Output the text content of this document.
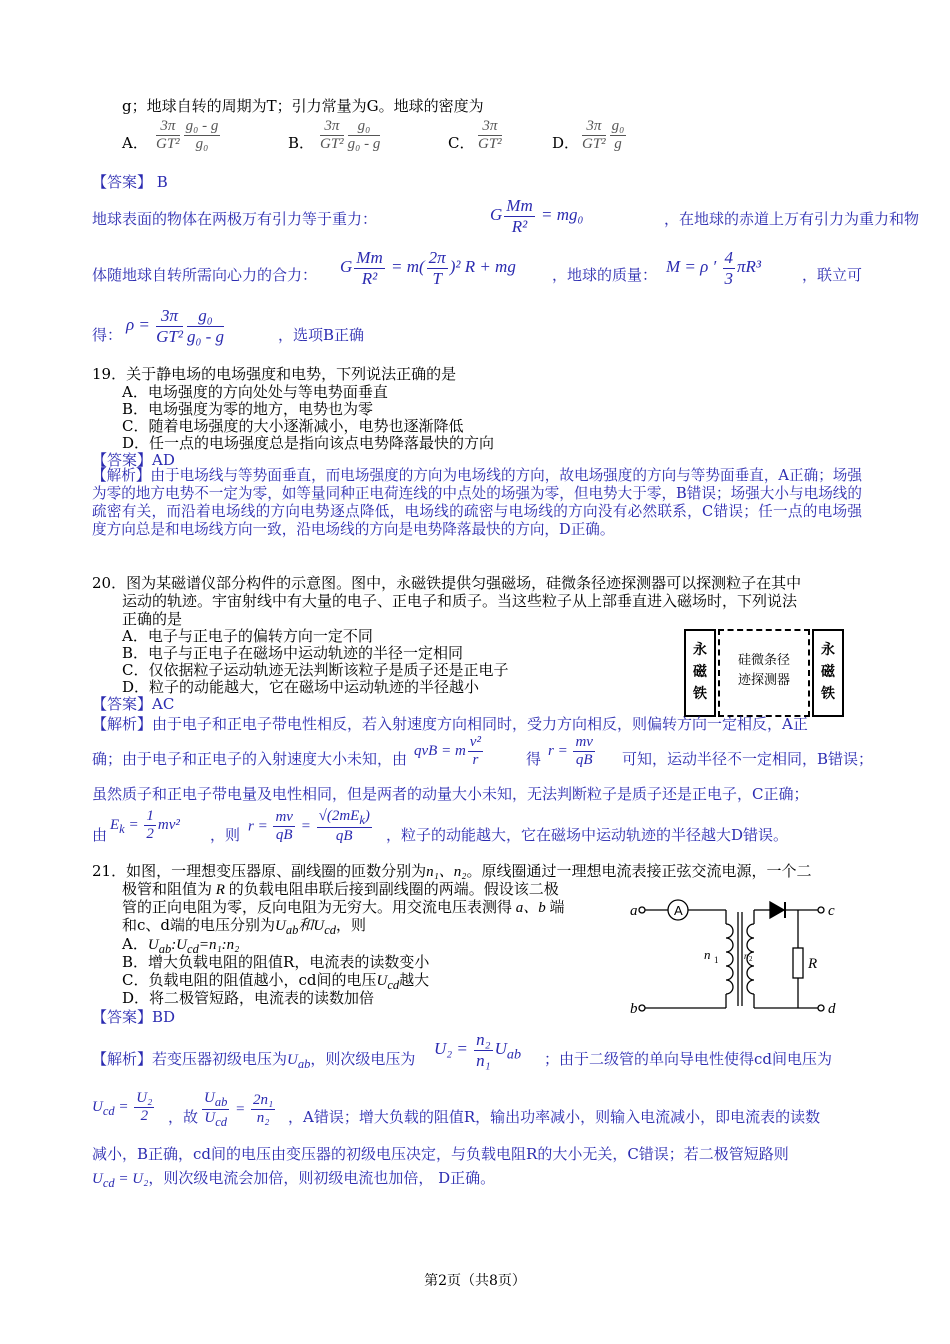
g；地球自转的周期为T；引力常量为G。地球的密度为
A． $\frac{3\pi}{\text{GT²}} \frac{\text{g₀ - g}}{\text{g₀}}$	B． $\frac{3\pi}{\text{GT²}} \frac{\text{g₀}}{\text{g₀ - g}}$	C． $\frac{3\pi}{\text{GT²}}$	D． $\frac{3\pi}{\text{GT²}} \frac{\text{g₀}}{g}$
【答案】 B
地球表面的物体在两极万有引力等于重力：	G $\frac{Mm}{\text{R²}} = mg_0$	，在地球的赤道上万有引力为重力和物
体随地球自转所需向心力的合力： G $\frac{Mm}{\text{R²}} = m( \frac{2\pi}{T} )^2$ R + mg ，地球的质量： M = ρ ′ $\frac{4}{3} \pi R^3$	，联立可
得：
$\rho = \frac{3\pi}{\text{GT²}} \frac{\text{g₀}}{\text{g₀ - g}}$	，选项B正确
19．关于静电场的电场强度和电势，下列说法正确的是
A．电场强度的方向处处与等电势面垂直
B．电场强度为零的地方，电势也为零
C．随着电场强度的大小逐渐减小，电势也逐渐降低
D．任一点的电场强度总是指向该点电势降落最快的方向
【答案】AD
【解析】由于电场线与等势面垂直，而电场强度的方向为电场线的方向，故电场强度的方向与等势面垂直，A正确；场强为零的地方电势不一定为零，如等量同种正电荷连线的中点处的场强为零，但电势大于零，B错误；场强大小与电场线的疏密有关，而沿着电场线的方向电势逐点降低，电场线的疏密与电场线的方向没有必然联系，C错误；任一点的电场强度方向总是和电场线方向一致，沿电场线的方向是电势降落最快的方向，D正确。
20．图为某磁谱仪部分构件的示意图。图中，永磁铁提供匀强磁场，硅微条径迹探测器可以探测粒子在其中
运动的轨迹。宇宙射线中有大量的电子、正电子和质子。当这些粒子从上部垂直进入磁场时，下列说法
正确的是
A．电子与正电子的偏转方向一定不同
B．电子与正电子在磁场中运动轨迹的半径一定相同
C．仅依据粒子运动轨迹无法判断该粒子是质子还是正电子
D．粒子的动能越大，它在磁场中运动轨迹的半径越小
【答案】AC
永磁铁
硅微条径迹探测器
永磁铁
【解析】由于电子和正电子带电性相反，若入射速度方向相同时，受力方向相反，则偏转方向一定相反，A正
确；由于电子和正电子的入射速度大小未知，由 qvB = m $\frac{\text{v²}}{r}$	得 $r = \frac{mv}{qB}$ 可知，运动半径不一定相同，B错误；
虽然质子和正电子带电量及电性相同，但是两者的动量大小未知，无法判断粒子是质子还是正电子，C正确；
由
$E_k = \frac{1}{2} mv^2$
，则 $r = \frac{mv}{qB} = \frac{√(2mE_k)}{qB}$ ，粒子的动能越大，它在磁场中运动轨迹的半径越大D错误。
21．如图，一理想变压器原、副线圈的匝数分别为n₁、n₂。原线圈通过一理想电流表接正弦交流电源，一个二
极管和阻值为 R 的负载电阻串联后接到副线圈的两端。假设该二极
管的正向电阻为零，反向电阻为无穷大。用交流电压表测得 a、b 端
和c、d端的电压分别为$U_{ab}$和$U_{cd}$，则
A．$U_{ab}:U_{cd}=n_1:n_2$
B．增大负载电阻的阻值R，电流表的读数变小
C．负载电阻的阻值越小，cd间的电压$U_{cd}$越大
D．将二极管短路，电流表的读数加倍
【答案】BD
a
b
c
d
R
n 1	n 2
A
【解析】若变压器初级电压为$U_{ab}$，则次级电压为
$U_2 = \frac{\text{n₂}}{\text{n₁}} U_{ab}$ ；由于二级管的单向导电性使得cd间电压为
$U_{cd} = \frac{\text{U₂}}{2}$ ，故 $\frac{U_{ab}}{U_{cd}} = \frac{\text{2n₁}}{\text{n₂}}$ ，A错误；增大负载的阻值R，输出功率减小，则输入电流减小，即电流表的读数
减小，B正确，cd间的电压由变压器的初级电压决定，与负载电阻R的大小无关，C错误；若二极管短路则
$U_{cd} = U_2$，则次级电流会加倍，则初级电流也加倍， D正确。
第2页（共8页）
